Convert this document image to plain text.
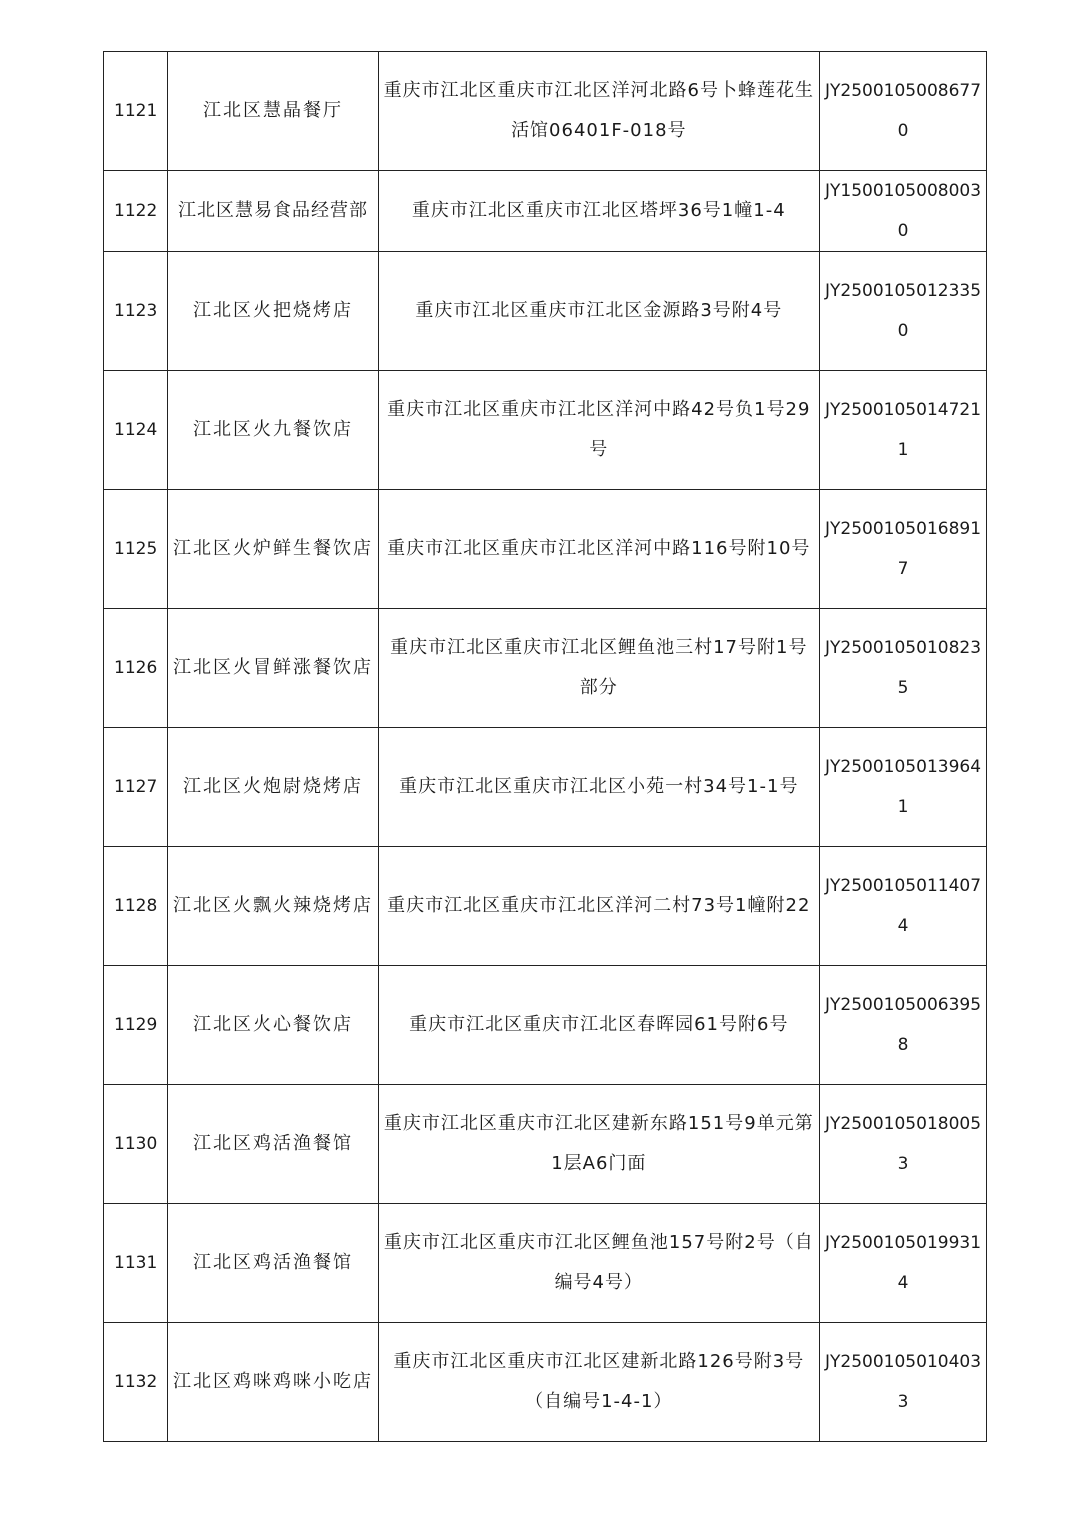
1121	江北区慧晶餐厅	重庆市江北区重庆市江北区洋河北路6号卜蜂莲花生活馆06401F-018号	JY25001050086770
1122	江北区慧易食品经营部	重庆市江北区重庆市江北区塔坪36号1幢1-4	JY15001050080030
1123	江北区火把烧烤店	重庆市江北区重庆市江北区金源路3号附4号	JY25001050123350
1124	江北区火九餐饮店	重庆市江北区重庆市江北区洋河中路42号负1号29号	JY25001050147211
1125	江北区火炉鲜生餐饮店	重庆市江北区重庆市江北区洋河中路116号附10号	JY25001050168917
1126	江北区火冒鲜涨餐饮店	重庆市江北区重庆市江北区鲤鱼池三村17号附1号部分	JY25001050108235
1127	江北区火炮尉烧烤店	重庆市江北区重庆市江北区小苑一村34号1-1号	JY25001050139641
1128	江北区火飘火辣烧烤店	重庆市江北区重庆市江北区洋河二村73号1幢附22	JY25001050114074
1129	江北区火心餐饮店	重庆市江北区重庆市江北区春晖园61号附6号	JY25001050063958
1130	江北区鸡活渔餐馆	重庆市江北区重庆市江北区建新东路151号9单元第1层A6门面	JY25001050180053
1131	江北区鸡活渔餐馆	重庆市江北区重庆市江北区鲤鱼池157号附2号（自编号4号）	JY25001050199314
1132	江北区鸡咪鸡咪小吃店	重庆市江北区重庆市江北区建新北路126号附3号（自编号1-4-1）	JY25001050104033
